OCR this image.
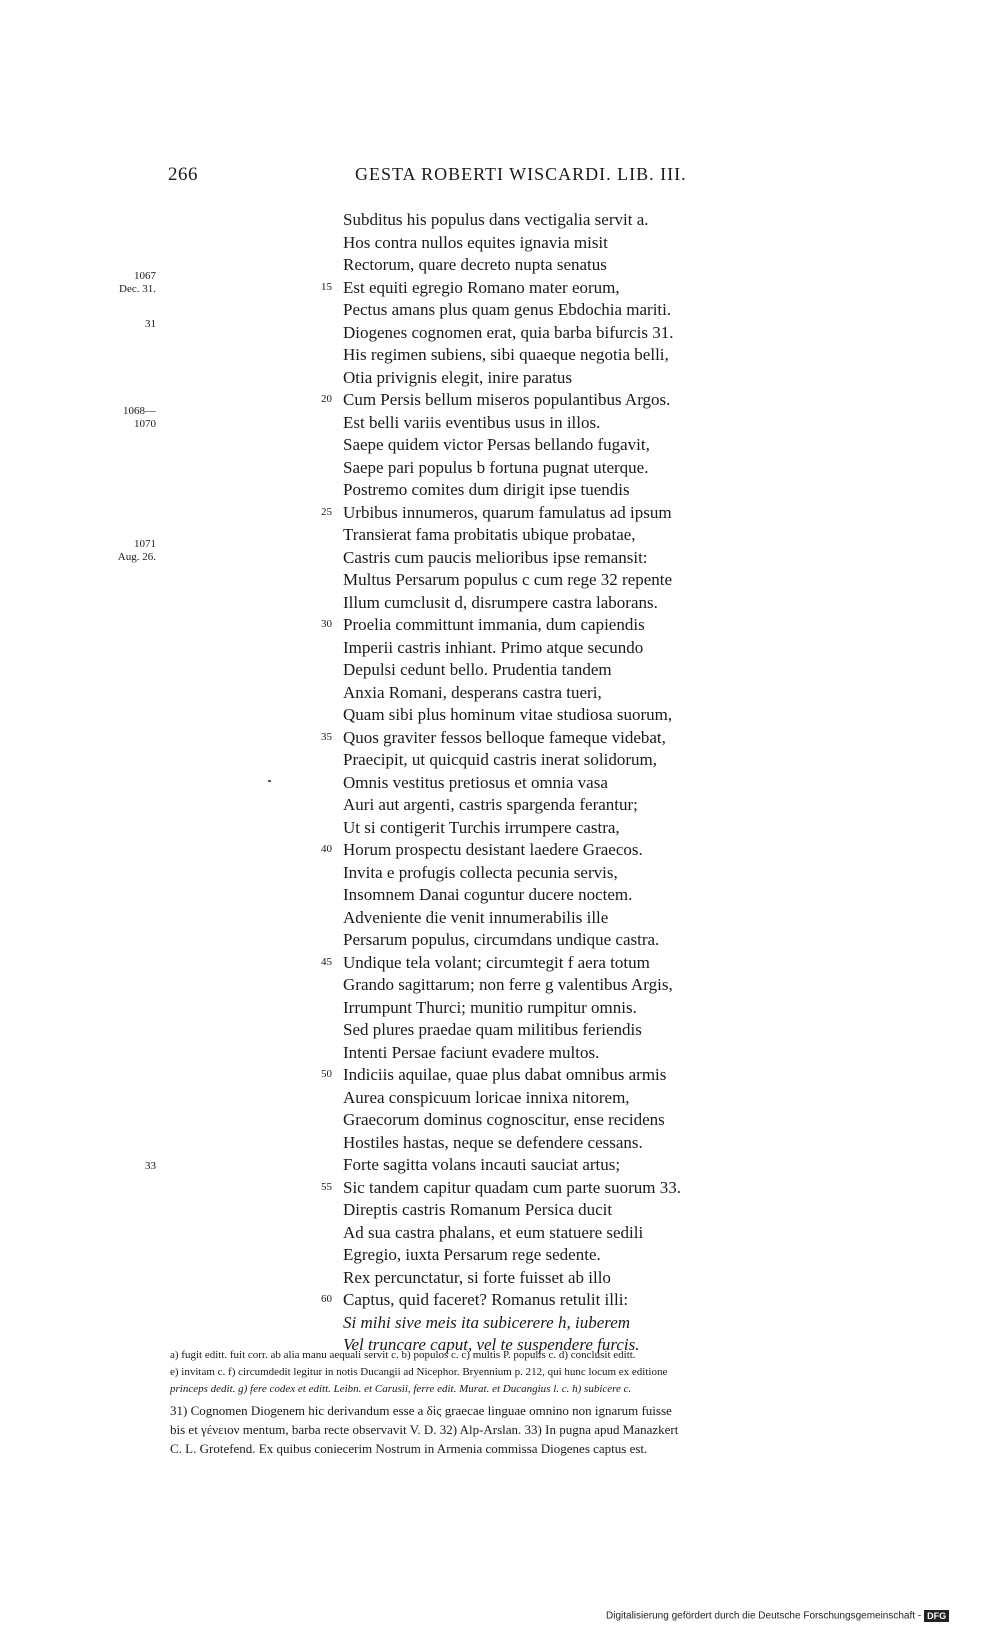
266	GESTA ROBERTI WISCARDI. LIB. III.
Subditus his populus dans vectigalia servit a.
Hos contra nullos equites ignavia misit
Rectorum, quare decreto nupta senatus
15 Est equiti egregio Romano mater eorum,
Pectus amans plus quam genus Ebdochia mariti.
Diogenes cognomen erat, quia barba bifurcis 31.
His regimen subiens, sibi quaeque negotia belli,
Otia privignis elegit, inire paratus
20 Cum Persis bellum miseros populantibus Argos.
Est belli variis eventibus usus in illos.
Saepe quidem victor Persas bellando fugavit,
Saepe pari populus b fortuna pugnat uterque.
Postremo comites dum dirigit ipse tuendis
25 Urbibus innumeros, quarum famulatus ad ipsum
Transierat fama probitatis ubique probatae,
Castris cum paucis melioribus ipse remansit:
Multus Persarum populus c cum rege 32 repente
Illum cumclusit d, disrumpere castra laborans.
30 Proelia committunt immania, dum capiendis
Imperii castris inhiant. Primo atque secundo
Depulsi cedunt bello. Prudentia tandem
Anxia Romani, desperans castra tueri,
Quam sibi plus hominum vitae studiosa suorum,
35 Quos graviter fessos belloque fameque videbat,
Praecipit, ut quicquid castris inerat solidorum,
Omnis vestitus pretiosus et omnia vasa
Auri aut argenti, castris spargenda ferantur;
Ut si contigerit Turchis irrumpere castra,
40 Horum prospectu desistant laedere Graecos.
Invita e profugis collecta pecunia servis,
Insomnem Danai coguntur ducere noctem.
Adveniente die venit innumerabilis ille
Persarum populus, circumdans undique castra.
45 Undique tela volant; circumtegit f aera totum
Grando sagittarum; non ferre g valentibus Argis,
Irrumpunt Thurci; munitio rumpitur omnis.
Sed plures praedae quam militibus feriendis
Intenti Persae faciunt evadere multos.
50 Indiciis aquilae, quae plus dabat omnibus armis
Aurea conspicuum loricae innixa nitorem,
Graecorum dominus cognoscitur, ense recidens
Hostiles hastas, neque se defendere cessans.
Forte sagitta volans incauti sauciat artus;
55 Sic tandem capitur quadam cum parte suorum 33.
Direptis castris Romanum Persica ducit
Ad sua castra phalans, et eum statuere sedili
Egregio, iuxta Persarum rege sedente.
Rex percunctatur, si forte fuisset ab illo
60 Captus, quid faceret? Romanus retulit illi:
Si mihi sive meis ita subicerere h, iuberem
Vel truncare caput, vel te suspendere furcis.
a) fugit editt. fuit corr. ab alia manu aequali servit c. b) populos c. c) multis P. populis c. d) conclusit editt.
e) invitam c. f) circumdedit legitur in notis Ducangii ad Nicephor. Bryennium p. 212, qui hunc locum ex editione
princeps dedit. g) fere codex et editt. Leibn. et Carusii, ferre edit. Murat. et Ducangius l. c. h) subicere c.
31) Cognomen Diogenem hic derivandum esse a δὶς graecae linguae omnino non ignarum fuisse
bis et γένειον mentum, barba recte observavit V. D. 32) Alp-Arslan. 33) In pugna apud Manazkert
C. L. Grotefend. Ex quibus coniecerim Nostrum in Armenia commissa Diogenes captus est.
Digitalisierung gefördert durch die Deutsche Forschungsgemeinschaft - DFG
1067
Dec. 31.
31
1068—
1070
1071
Aug. 26.
33
